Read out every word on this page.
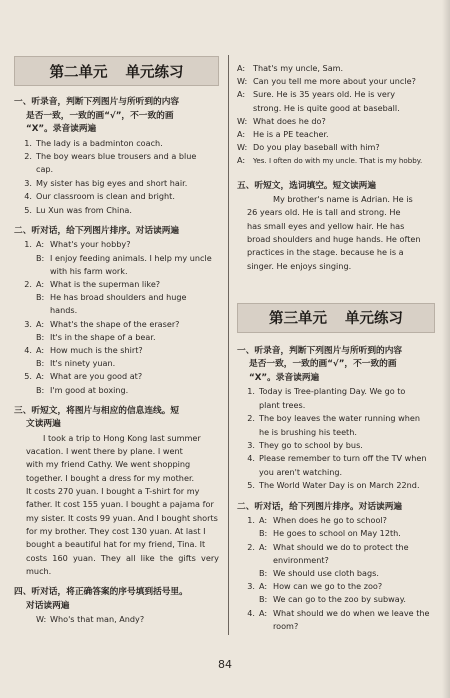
第二单元 单元练习
一、听录音，判断下列图片与所听到的内容
是否一致，一致的画“√”，不一致的画
“X”。录音读两遍
1. The lady is a badminton coach.
2. The boy wears blue trousers and a blue
cap.
3. My sister has big eyes and short hair.
4. Our classroom is clean and bright.
5. Lu Xun was from China.
二、听对话，给下列图片排序。对话读两遍
1. A: What's your hobby?
B: I enjoy feeding animals. I help my uncle
with his farm work.
2. A: What is the superman like?
B: He has broad shoulders and huge
hands.
3. A: What's the shape of the eraser?
B: It's in the shape of a bear.
4. A: How much is the shirt?
B: It's ninety yuan.
5. A: What are you good at?
B: I'm good at boxing.
三、听短文，将图片与相应的信息连线。短
文读两遍
I took a trip to Hong Kong last summer
vacation. I went there by plane. I went
with my friend Cathy. We went shopping
together. I bought a dress for my mother.
It costs 270 yuan. I bought a T-shirt for my
father. It cost 155 yuan. I bought a pajama for
my sister. It costs 99 yuan. And I bought shorts
for my brother. They cost 130 yuan. At last I
bought a beautiful hat for my friend, Tina. It
costs 160 yuan. They all like the gifts very much.
四、听对话，将正确答案的序号填到括号里。
对话读两遍
W: Who's that man, Andy?
A: That's my uncle, Sam.
W: Can you tell me more about your uncle?
A: Sure. He is 35 years old. He is very
strong. He is quite good at baseball.
W: What does he do?
A: He is a PE teacher.
W: Do you play baseball with him?
A:	Yes. I often do with my uncle. That is my hobby.
五、听短文，选词填空。短文读两遍
My brother's name is Adrian. He is
26 years old. He is tall and strong. He
has small eyes and yellow hair. He has
broad shoulders and huge hands. He often
practices in the stage. because he is a
singer. He enjoys singing.
第三单元 单元练习
一、听录音，判断下列图片与所听到的内容
是否一致，一致的画“√”，不一致的画
“X”。录音读两遍
1. Today is Tree-planting Day. We go to
plant trees.
2. The boy leaves the water running when
he is brushing his teeth.
3. They go to school by bus.
4. Please remember to turn off the TV when
you aren't watching.
5. The World Water Day is on March 22nd.
二、听对话，给下列图片排序。对话读两遍
1. A: When does he go to school?
B: He goes to school on May 12th.
2. A: What should we do to protect the
environment?
B: We should use cloth bags.
3. A: How can we go to the zoo?
B: We can go to the zoo by subway.
4. A: What should we do when we leave the
room?
84
